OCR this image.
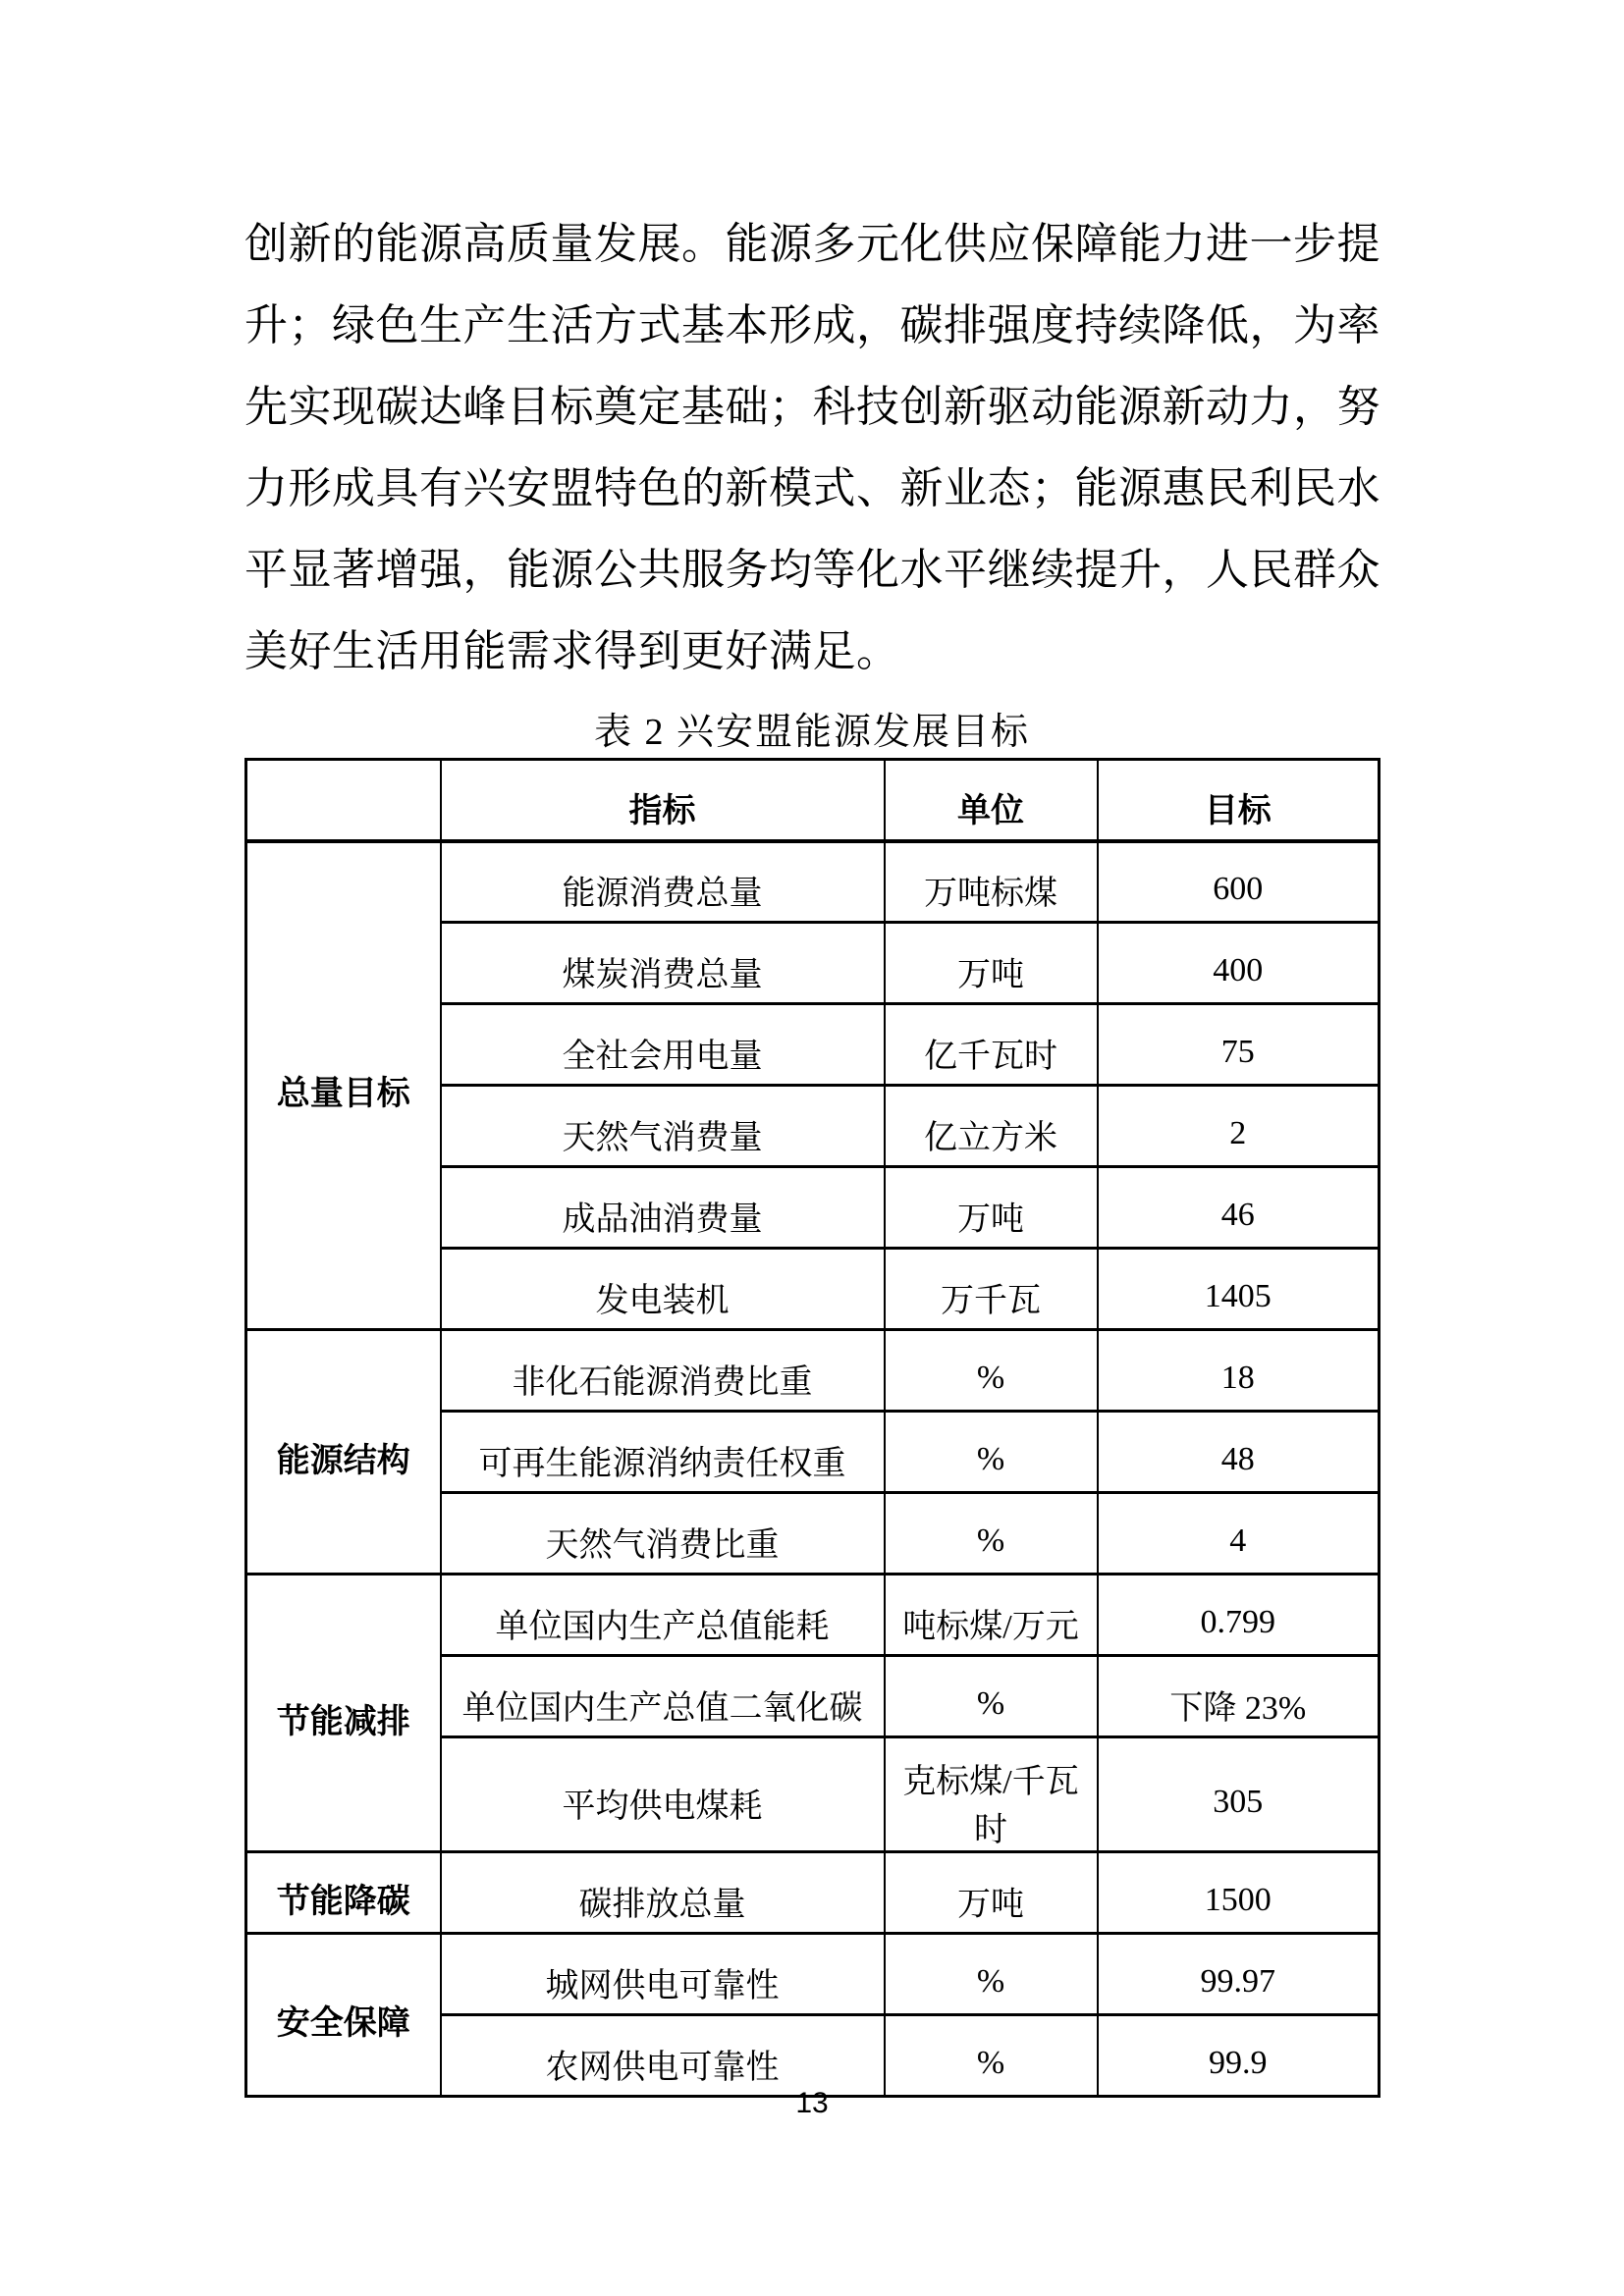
创新的能源高质量发展。能源多元化供应保障能力进一步提
升；绿色生产生活方式基本形成，碳排强度持续降低，为率
先实现碳达峰目标奠定基础；科技创新驱动能源新动力，努
力形成具有兴安盟特色的新模式、新业态；能源惠民利民水
平显著增强，能源公共服务均等化水平继续提升，人民群众
美好生活用能需求得到更好满足。
表 2 兴安盟能源发展目标
	指标	单位	目标
总量目标	能源消费总量	万吨标煤	600
	煤炭消费总量	万吨	400
	全社会用电量	亿千瓦时	75
	天然气消费量	亿立方米	2
	成品油消费量	万吨	46
	发电装机	万千瓦	1405
能源结构	非化石能源消费比重	%	18
	可再生能源消纳责任权重	%	48
	天然气消费比重	%	4
节能减排	单位国内生产总值能耗	吨标煤/万元	0.799
	单位国内生产总值二氧化碳	%	下降 23%
	平均供电煤耗	克标煤/千瓦时	305
节能降碳	碳排放总量	万吨	1500
安全保障	城网供电可靠性	%	99.97
	农网供电可靠性	%	99.9
13
